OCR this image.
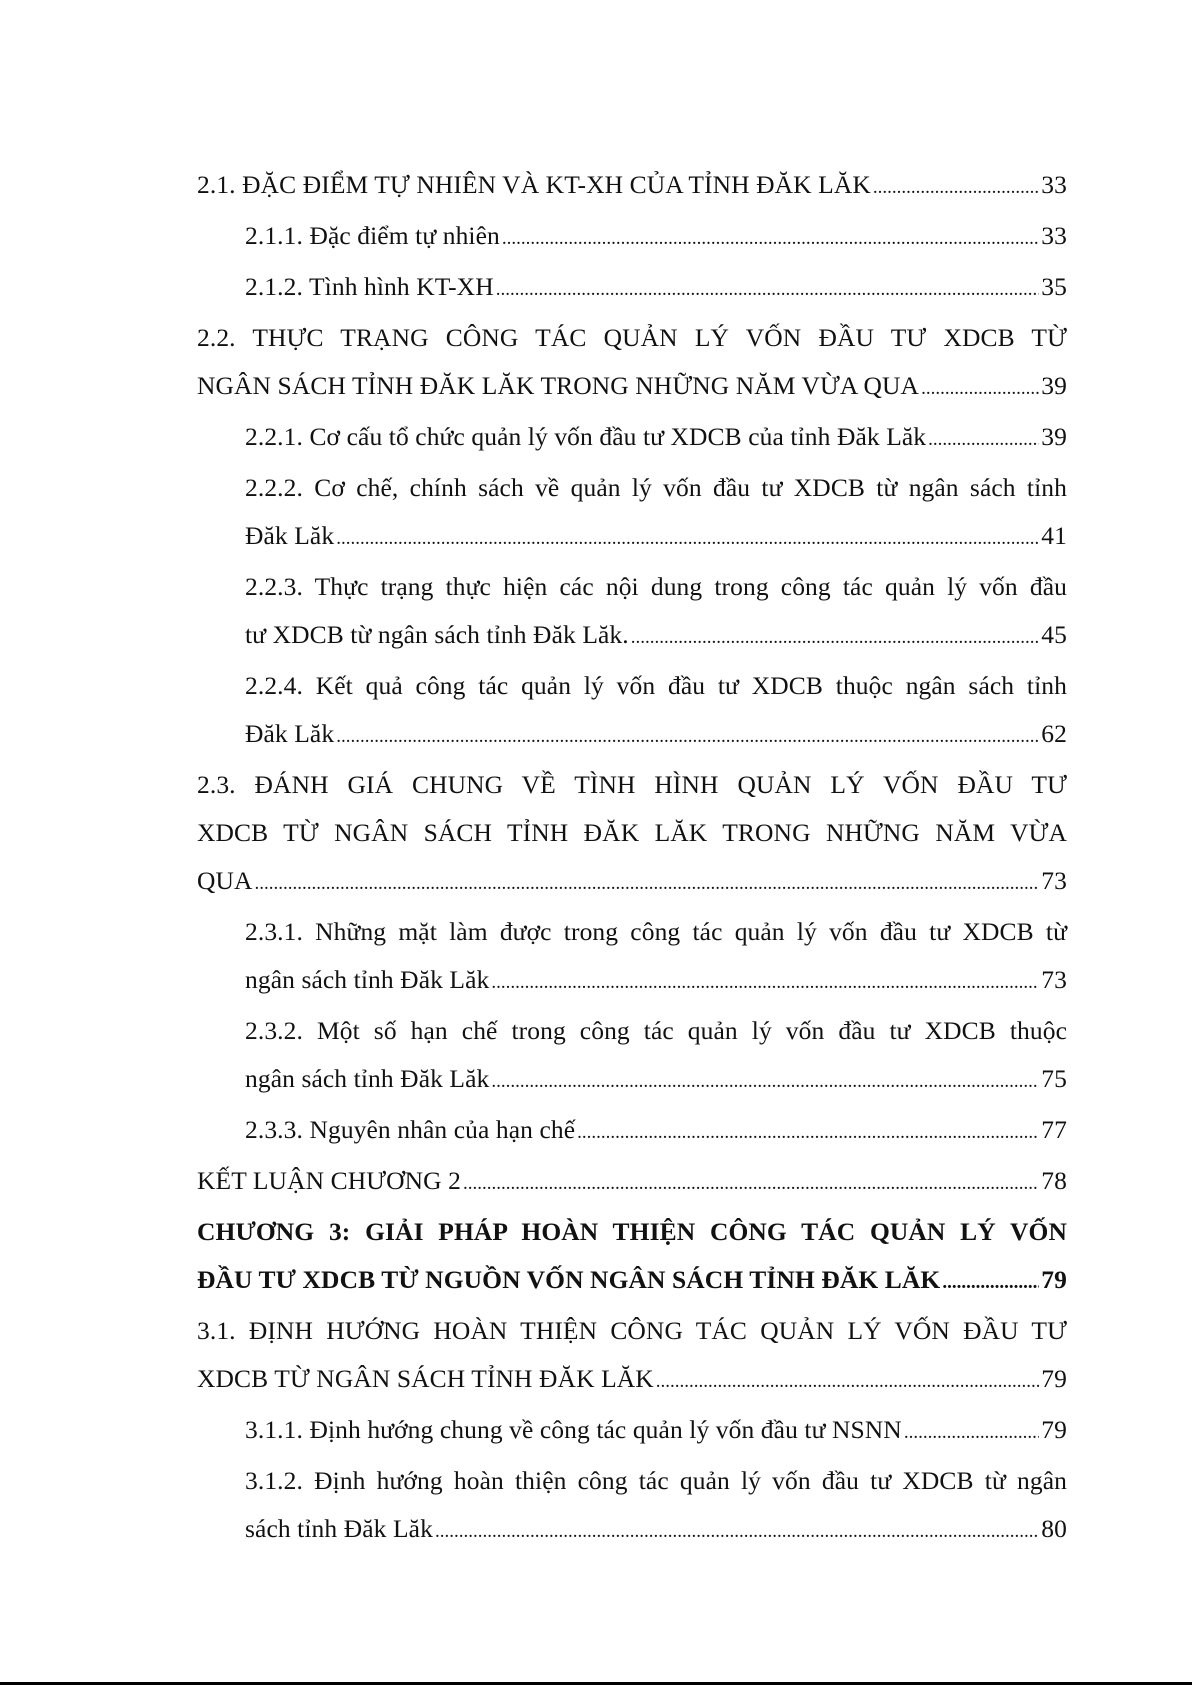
2.1. ĐẶC ĐIỂM TỰ NHIÊN VÀ KT-XH CỦA TỈNH ĐĂK LĂK .....	33
2.1.1. Đặc điểm tự nhiên .....	33
2.1.2. Tình hình KT-XH .....	35
2.2. THỰC TRẠNG CÔNG TÁC QUẢN LÝ VỐN ĐẦU TƯ XDCB TỪ
NGÂN SÁCH TỈNH ĐĂK LĂK TRONG NHỮNG NĂM VỪA QUA .....	39
2.2.1. Cơ cấu tổ chức quản lý vốn đầu tư XDCB của tỉnh Đăk Lăk .....	39
2.2.2. Cơ chế, chính sách về quản lý vốn đầu tư XDCB từ ngân sách tỉnh
Đăk Lăk .....	41
2.2.3. Thực trạng thực hiện các nội dung trong công tác quản lý vốn đầu
tư XDCB từ ngân sách tỉnh Đăk Lăk. .....	45
2.2.4. Kết quả công tác quản lý vốn đầu tư XDCB thuộc ngân sách tỉnh
Đăk Lăk .....	62
2.3. ĐÁNH GIÁ CHUNG VỀ TÌNH HÌNH QUẢN LÝ VỐN ĐẦU TƯ
XDCB TỪ NGÂN SÁCH TỈNH ĐĂK LĂK TRONG NHỮNG NĂM VỪA
QUA .....	73
2.3.1. Những mặt làm được trong công tác quản lý vốn đầu tư XDCB từ
ngân sách tỉnh Đăk Lăk .....	73
2.3.2. Một số hạn chế trong công tác quản lý vốn đầu tư XDCB thuộc
ngân sách tỉnh Đăk Lăk .....	75
2.3.3. Nguyên nhân của hạn chế .....	77
KẾT LUẬN CHƯƠNG 2 .....	78
CHƯƠNG 3: GIẢI PHÁP HOÀN THIỆN CÔNG TÁC QUẢN LÝ VỐN
ĐẦU TƯ XDCB TỪ NGUỒN VỐN NGÂN SÁCH TỈNH ĐĂK LĂK .....	79
3.1. ĐỊNH HƯỚNG HOÀN THIỆN CÔNG TÁC QUẢN LÝ VỐN ĐẦU TƯ
XDCB TỪ NGÂN SÁCH TỈNH ĐĂK LĂK .....	79
3.1.1. Định hướng chung về công tác quản lý vốn đầu tư NSNN .....	79
3.1.2. Định hướng hoàn thiện công tác quản lý vốn đầu tư XDCB từ ngân
sách tỉnh Đăk Lăk .....	80
